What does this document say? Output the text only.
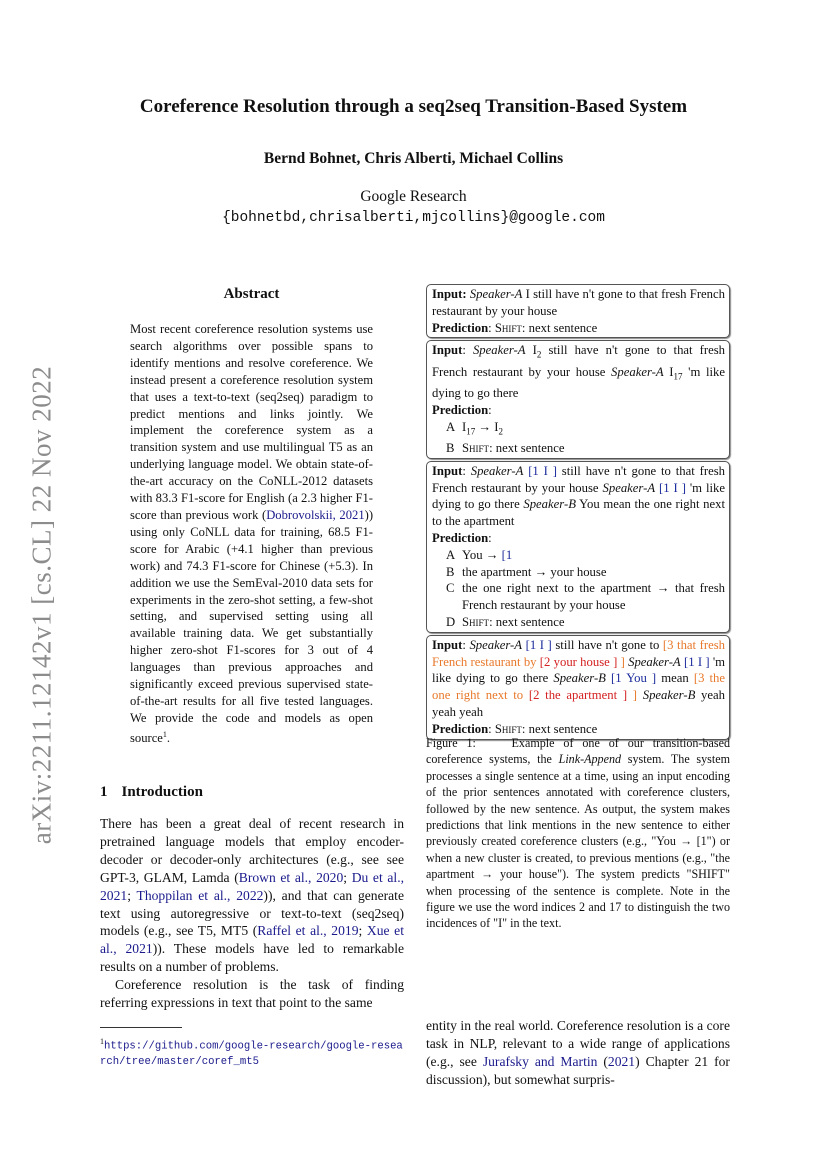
arXiv:2211.12142v1 [cs.CL] 22 Nov 2022
Coreference Resolution through a seq2seq Transition-Based System
Bernd Bohnet, Chris Alberti, Michael Collins
Google Research
{bohnetbd,chrisalberti,mjcollins}@google.com
Abstract
Most recent coreference resolution systems use search algorithms over possible spans to identify mentions and resolve coreference. We instead present a coreference resolution system that uses a text-to-text (seq2seq) paradigm to predict mentions and links jointly. We implement the coreference system as a transition system and use multilingual T5 as an underlying language model. We obtain state-of-the-art accuracy on the CoNLL-2012 datasets with 83.3 F1-score for English (a 2.3 higher F1-score than previous work (Dobrovolskii, 2021)) using only CoNLL data for training, 68.5 F1-score for Arabic (+4.1 higher than previous work) and 74.3 F1-score for Chinese (+5.3). In addition we use the SemEval-2010 data sets for experiments in the zero-shot setting, a few-shot setting, and supervised setting using all available training data. We get substantially higher zero-shot F1-scores for 3 out of 4 languages than previous approaches and significantly exceed previous supervised state-of-the-art results for all five tested languages. We provide the code and models as open source$^1$.
1 Introduction

There has been a great deal of recent research in pretrained language models that employ encoder-decoder or decoder-only architectures (e.g., see see GPT-3, GLAM, Lamda (Brown et al., 2020; Du et al., 2021; Thoppilan et al., 2022)), and that can generate text using autoregressive or text-to-text (seq2seq) models (e.g., see T5, MT5 (Raffel et al., 2019; Xue et al., 2021)). These models have led to remarkable results on a number of problems.

Coreference resolution is the task of finding referring expressions in text that point to the same

$^1$https://github.com/google-research/google-research/tree/master/coref_mt5
Input: Speaker-A I still have n't gone to that fresh French restaurant by your house
Prediction: Shift: next sentence
Input: Speaker-A $I_2$ still have n't gone to that fresh French restaurant by your house Speaker-A $I_{17}$ 'm like dying to go there
Prediction:
A $I_{17} \to I_2$
B Shift: next sentence
Input: Speaker-A [1 I ] still have n't gone to that fresh French restaurant by your house Speaker-A [1 I ] 'm like dying to go there Speaker-B You mean the one right next to the apartment
Prediction:
A You → [1
B the apartment → your house
C the one right next to the apartment → that fresh French restaurant by your house
D Shift: next sentence
Input: Speaker-A [1 I ] still have n't gone to [3 that fresh French restaurant by [2 your house ] ] Speaker-A [1 I ] 'm like dying to go there Speaker-B [1 You ] mean [3 the one right next to [2 the apartment ] ] Speaker-B yeah yeah yeah
Prediction: Shift: next sentence
Figure 1:	Example of one of our transition-based coreference systems, the Link-Append system. The system processes a single sentence at a time, using an input encoding of the prior sentences annotated with coreference clusters, followed by the new sentence. As output, the system makes predictions that link mentions in the new sentence to either previously created coreference clusters (e.g., "You → [1") or when a new cluster is created, to previous mentions (e.g., "the apartment → your house"). The system predicts "SHIFT" when processing of the sentence is complete. Note in the figure we use the word indices 2 and 17 to distinguish the two incidences of "I" in the text.
entity in the real world. Coreference resolution is a core task in NLP, relevant to a wide range of applications (e.g., see Jurafsky and Martin (2021) Chapter 21 for discussion), but somewhat surpris-
